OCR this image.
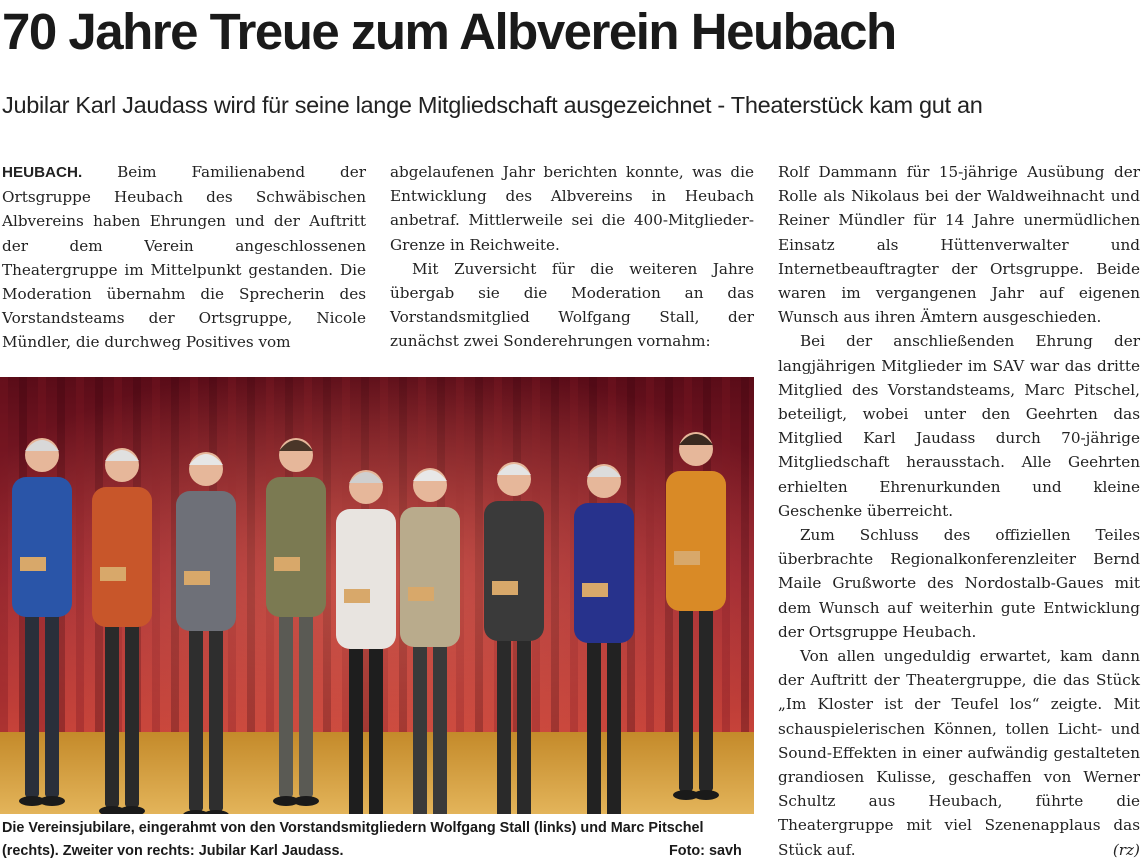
70 Jahre Treue zum Albverein Heubach
Jubilar Karl Jaudass wird für seine lange Mitgliedschaft ausgezeichnet - Theaterstück kam gut an

HEUBACH. Beim Familienabend der Ortsgruppe Heubach des Schwäbischen Albvereins haben Ehrungen und der Auftritt der dem Verein angeschlossenen Theatergruppe im Mittelpunkt gestanden. Die Moderation übernahm die Sprecherin des Vorstandsteams der Ortsgruppe, Nicole Mündler, die durchweg Positives vom

abgelaufenen Jahr berichten konnte, was die Entwicklung des Albvereins in Heubach anbetraf. Mittlerweile sei die 400-Mitglieder-Grenze in Reichweite.

Mit Zuversicht für die weiteren Jahre übergab sie die Moderation an das Vorstandsmitglied Wolfgang Stall, der zunächst zwei Sonderehrungen vornahm:

Rolf Dammann für 15-jährige Ausübung der Rolle als Nikolaus bei der Waldweihnacht und Reiner Mündler für 14 Jahre unermüdlichen Einsatz als Hüttenverwalter und Internetbeauftragter der Ortsgruppe. Beide waren im vergangenen Jahr auf eigenen Wunsch aus ihren Ämtern ausgeschieden.

Bei der anschließenden Ehrung der langjährigen Mitglieder im SAV war das dritte Mitglied des Vorstandsteams, Marc Pitschel, beteiligt, wobei unter den Geehrten das Mitglied Karl Jaudass durch 70-jährige Mitgliedschaft herausstach. Alle Geehrten erhielten Ehrenurkunden und kleine Geschenke überreicht.

Zum Schluss des offiziellen Teiles überbrachte Regionalkonferenzleiter Bernd Maile Grußworte des Nordostalb-Gaues mit dem Wunsch auf weiterhin gute Entwicklung der Ortsgruppe Heubach.

Von allen ungeduldig erwartet, kam dann der Auftritt der Theatergruppe, die das Stück „Im Kloster ist der Teufel los“ zeigte. Mit schauspielerischen Können, tollen Licht- und Sound-Effekten in einer aufwändig gestalteten grandiosen Kulisse, geschaffen von Werner Schultz aus Heubach, führte die Theatergruppe mit viel Szenenapplaus das Stück auf.	(rz)

Die Vereinsjubilare, eingerahmt von den Vorstandsmitgliedern Wolfgang Stall (links) und Marc Pitschel (rechts). Zweiter von rechts: Jubilar Karl Jaudass.	Foto: savh
